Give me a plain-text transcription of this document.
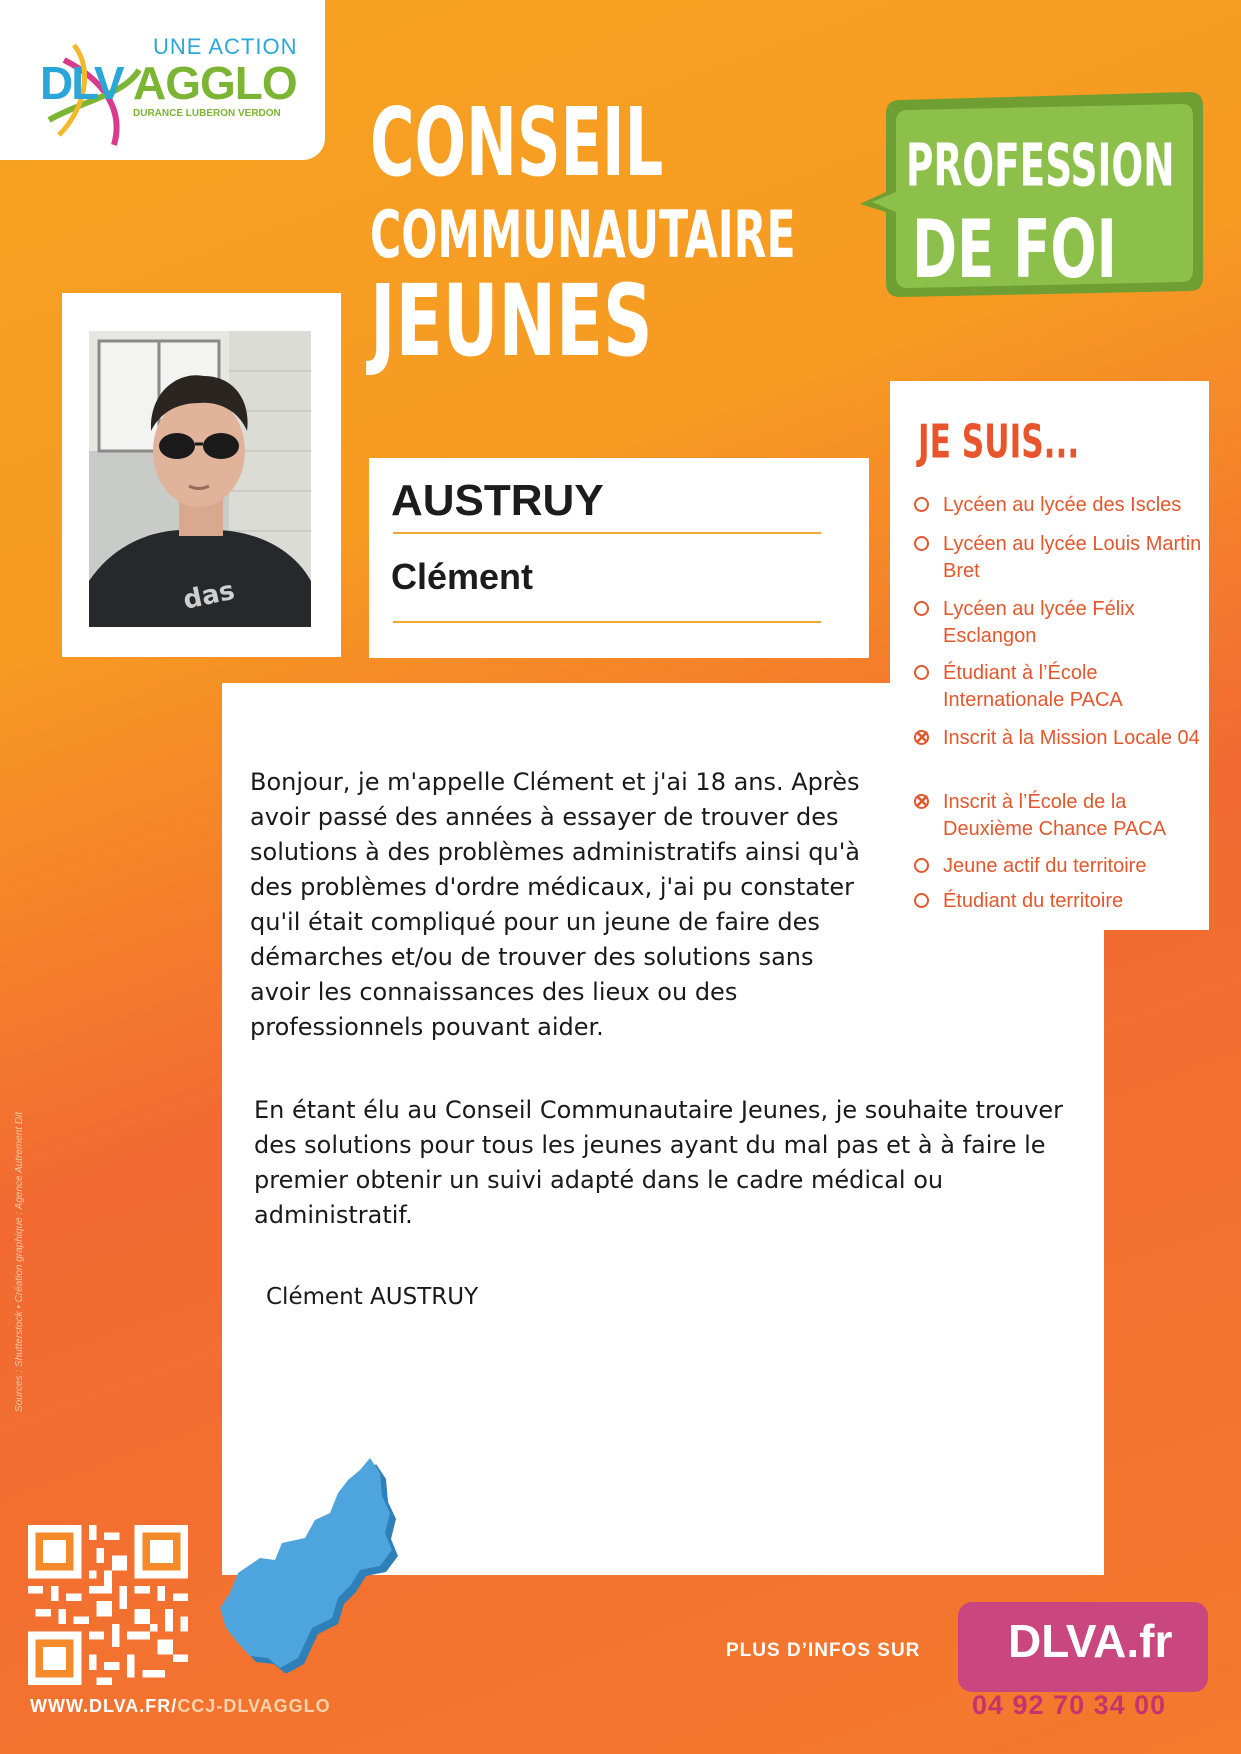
UNE ACTION
DLV AGGLO
DURANCE LUBERON VERDON CONSEIL
COMMUNAUTAIRE
JEUNES
PROFESSION
DE FOI
das
AUSTRUY
Clément
Bonjour, je m'appelle Clément et j'ai 18 ans. Après avoir passé des années à essayer de trouver des solutions à des problèmes administratifs ainsi qu'à des problèmes d'ordre médicaux, j'ai pu constater qu'il était compliqué pour un jeune de faire des démarches et/ou de trouver des solutions sans avoir les connaissances des lieux ou des professionnels pouvant aider.
En étant élu au Conseil Communautaire Jeunes, je souhaite trouver des solutions pour tous les jeunes ayant du mal pas et à à faire le premier obtenir un suivi adapté dans le cadre médical ou administratif.
Clément AUSTRUY
JE SUIS...
Lycéen au lycée des Iscles
Lycéen au lycée Louis Martin Bret
Lycéen au lycée Félix Esclangon
Étudiant à l’École Internationale PACA
✕
Inscrit à la Mission Locale 04
✕
Inscrit à l’École de la Deuxième Chance PACA
Jeune actif du territoire
Étudiant du territoire
Sources : Shutterstock • Création graphique : Agence Autrement Dit
WWW.DLVA.FR/CCJ-DLVAGGLO
PLUS D’INFOS SUR DLVA.fr
04 92 70 34 00
